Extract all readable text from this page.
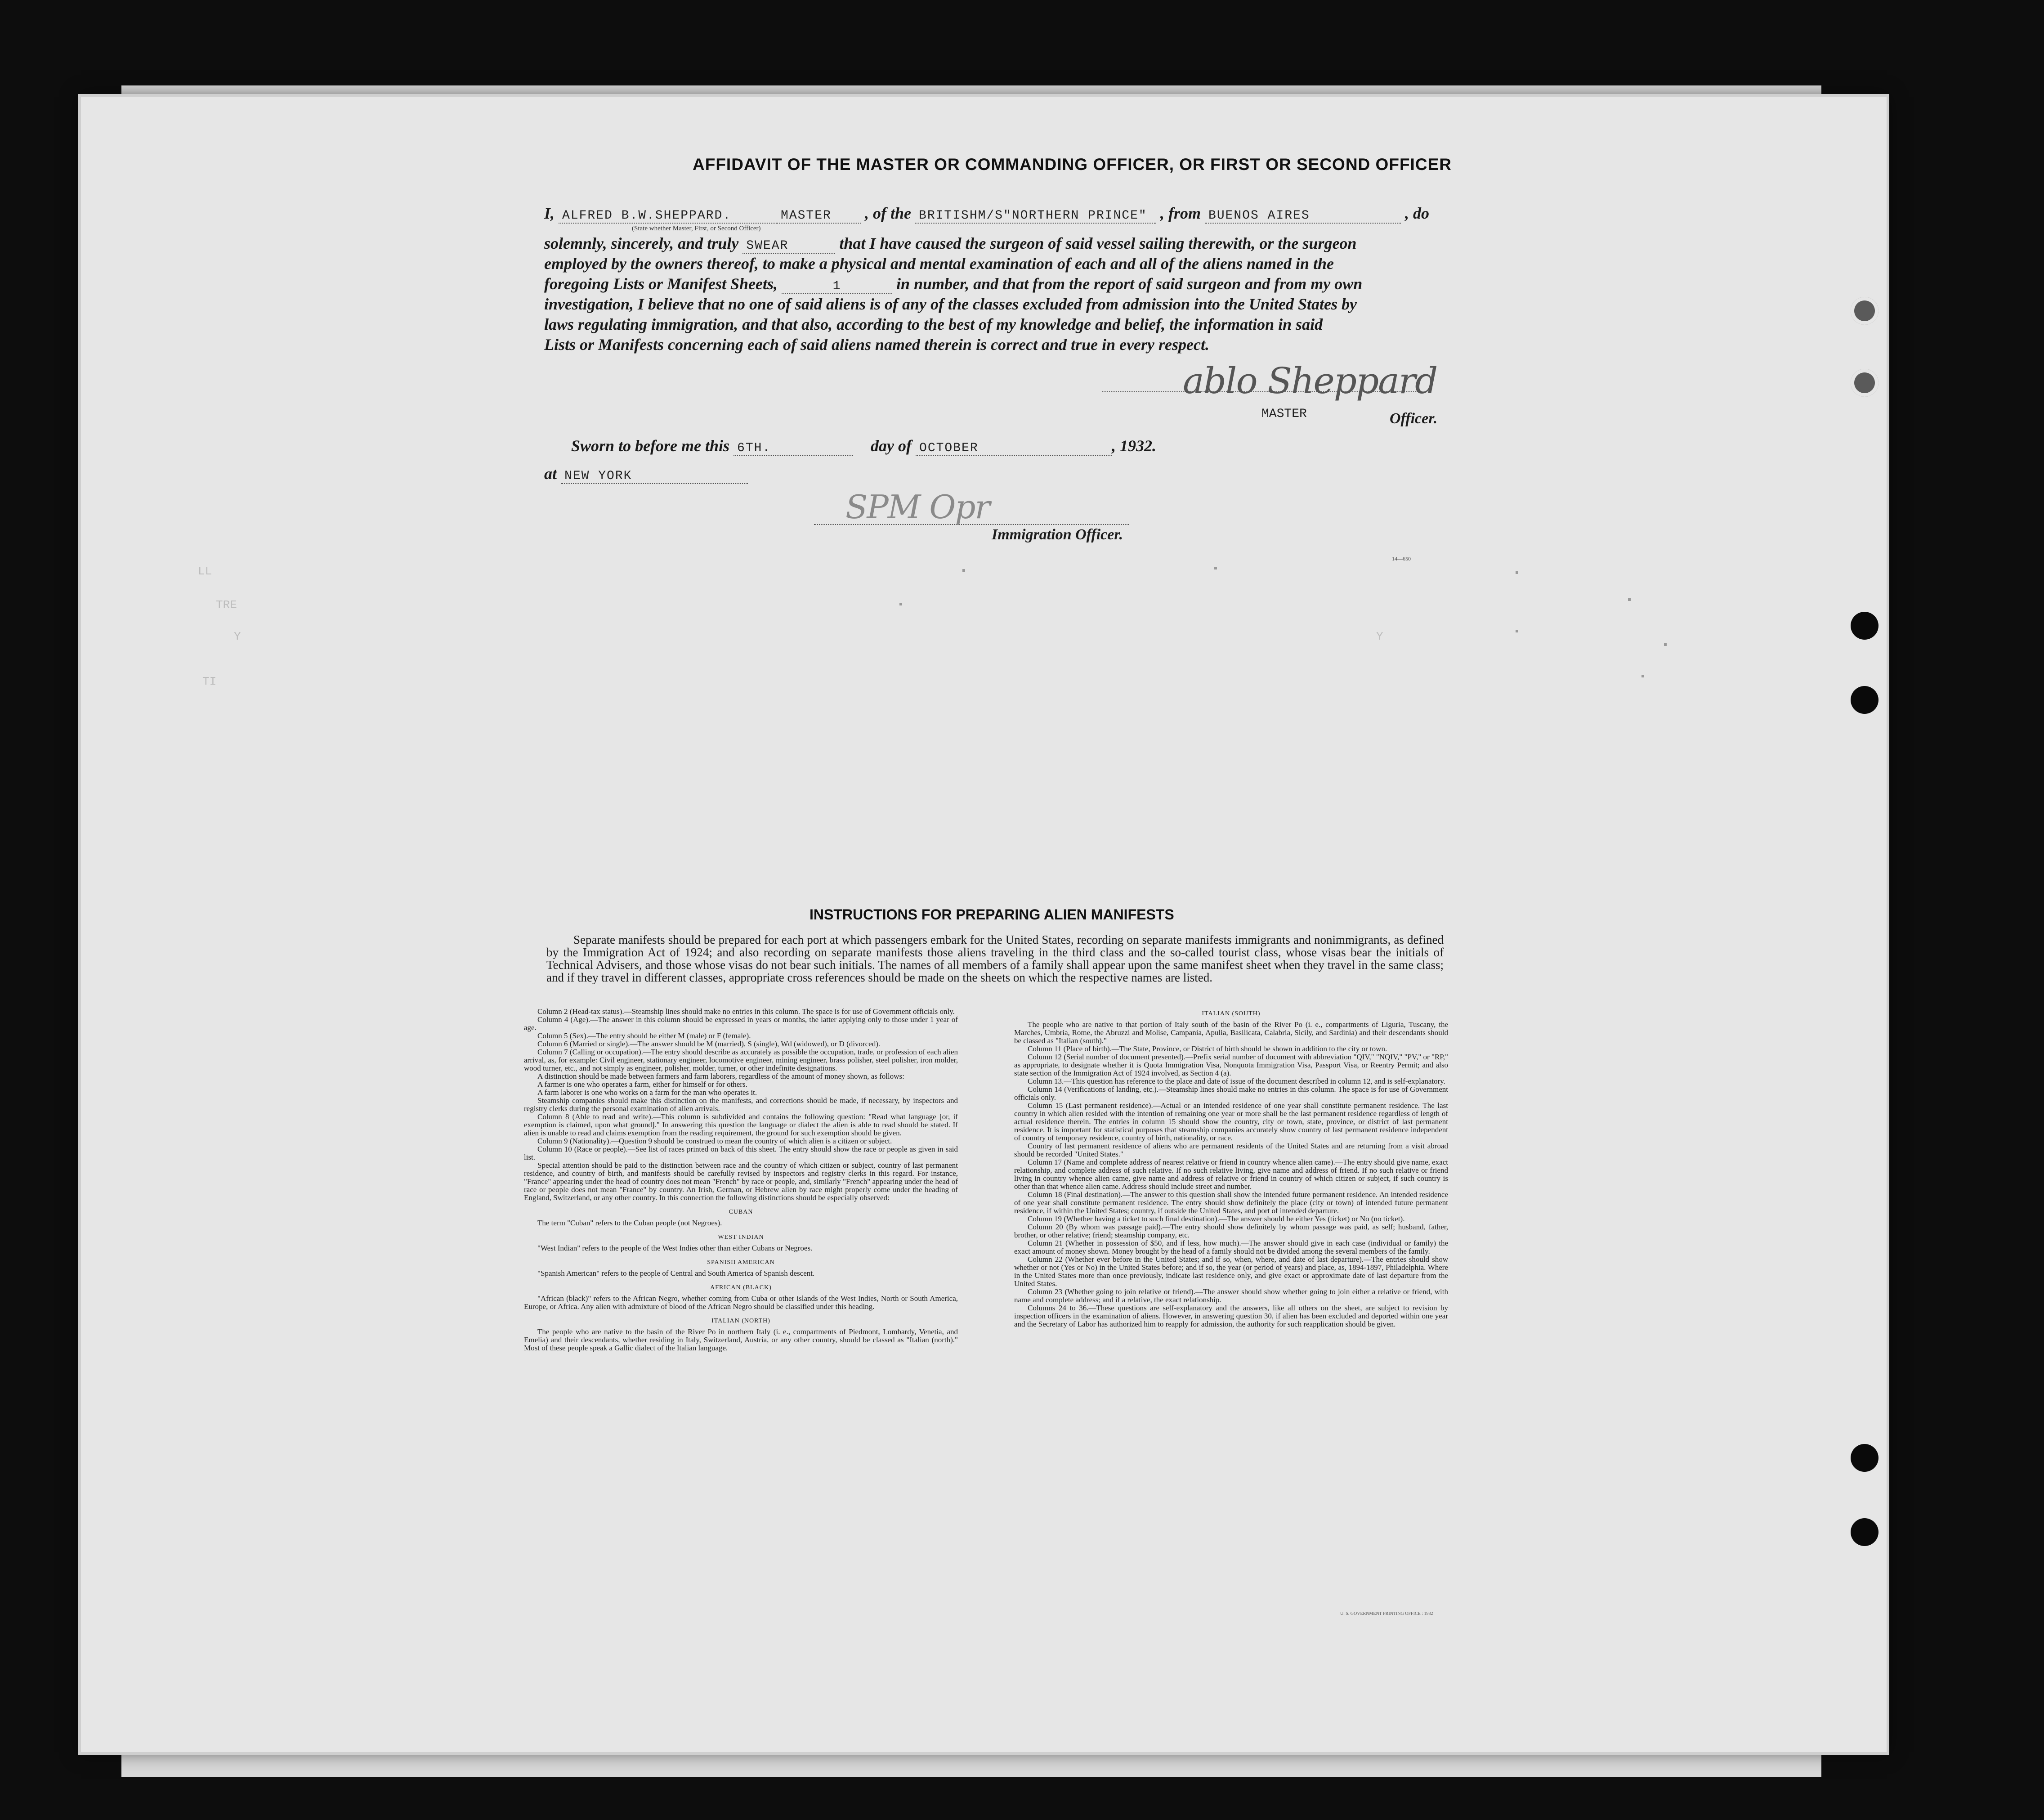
AFFIDAVIT OF THE MASTER OR COMMANDING OFFICER, OR FIRST OR SECOND OFFICER
I, ALFRED B.W.SHEPPARD.	MASTER , of the BRITISHM/S"NORTHERN PRINCE" , from BUENOS AIRES	, do
(State whether Master, First, or Second Officer)
solemnly, sincerely, and truly SWEAR	that I have caused the surgeon of said vessel sailing therewith, or the surgeon
employed by the owners thereof, to make a physical and mental examination of each and all of the aliens named in the
foregoing Lists or Manifest Sheets,	1	in number, and that from the report of said surgeon and from my own
investigation, I believe that no one of said aliens is of any of the classes excluded from admission into the United States by
laws regulating immigration, and that also, according to the best of my knowledge and belief, the information in said
Lists or Manifests concerning each of said aliens named therein is correct and true in every respect.
ablo Sheppard
MASTER	Officer.
Sworn to before me this 6TH.	day of OCTOBER	, 1932.
at NEW YORK
SPM Opr
Immigration Officer.
14—650
LL
TRE
Y	Y
TI
INSTRUCTIONS FOR PREPARING ALIEN MANIFESTS
Separate manifests should be prepared for each port at which passengers embark for the United States, recording on separate manifests immigrants and nonimmigrants, as defined by the Immigration Act of 1924; and also recording on separate manifests those aliens traveling in the third class and the so-called tourist class, whose visas bear the initials of Technical Advisers, and those whose visas do not bear such initials. The names of all members of a family shall appear upon the same manifest sheet when they travel in the same class; and if they travel in different classes, appropriate cross references should be made on the sheets on which the respective names are listed.

Column 2 (Head-tax status).—Steamship lines should make no entries in this column. The space is for use of Government officials only.

Column 4 (Age).—The answer in this column should be expressed in years or months, the latter applying only to those under 1 year of age.

Column 5 (Sex).—The entry should be either M (male) or F (female).

Column 6 (Married or single).—The answer should be M (married), S (single), Wd (widowed), or D (divorced).

Column 7 (Calling or occupation).—The entry should describe as accurately as possible the occupation, trade, or profession of each alien arrival, as, for example: Civil engineer, stationary engineer, locomotive engineer, mining engineer, brass polisher, steel polisher, iron molder, wood turner, etc., and not simply as engineer, polisher, molder, turner, or other indefinite designations.

A distinction should be made between farmers and farm laborers, regardless of the amount of money shown, as follows:

A farmer is one who operates a farm, either for himself or for others.

A farm laborer is one who works on a farm for the man who operates it.

Steamship companies should make this distinction on the manifests, and corrections should be made, if necessary, by inspectors and registry clerks during the personal examination of alien arrivals.

Column 8 (Able to read and write).—This column is subdivided and contains the following question: "Read what language [or, if exemption is claimed, upon what ground]." In answering this question the language or dialect the alien is able to read should be stated. If alien is unable to read and claims exemption from the reading requirement, the ground for such exemption should be given.

Column 9 (Nationality).—Question 9 should be construed to mean the country of which alien is a citizen or subject.

Column 10 (Race or people).—See list of races printed on back of this sheet. The entry should show the race or people as given in said list.

Special attention should be paid to the distinction between race and the country of which citizen or subject, country of last permanent residence, and country of birth, and manifests should be carefully revised by inspectors and registry clerks in this regard. For instance, "France" appearing under the head of country does not mean "French" by race or people, and, similarly "French" appearing under the head of race or people does not mean "France" by country. An Irish, German, or Hebrew alien by race might properly come under the heading of England, Switzerland, or any other country. In this connection the following distinctions should be especially observed:

CUBAN

The term "Cuban" refers to the Cuban people (not Negroes).

WEST INDIAN

"West Indian" refers to the people of the West Indies other than either Cubans or Negroes.

SPANISH AMERICAN

"Spanish American" refers to the people of Central and South America of Spanish descent.

AFRICAN (BLACK)

"African (black)" refers to the African Negro, whether coming from Cuba or other islands of the West Indies, North or South America, Europe, or Africa. Any alien with admixture of blood of the African Negro should be classified under this heading.

ITALIAN (NORTH)

The people who are native to the basin of the River Po in northern Italy (i. e., compartments of Piedmont, Lombardy, Venetia, and Emelia) and their descendants, whether residing in Italy, Switzerland, Austria, or any other country, should be classed as "Italian (north)." Most of these people speak a Gallic dialect of the Italian language.

ITALIAN (SOUTH)

The people who are native to that portion of Italy south of the basin of the River Po (i. e., compartments of Liguria, Tuscany, the Marches, Umbria, Rome, the Abruzzi and Molise, Campania, Apulia, Basilicata, Calabria, Sicily, and Sardinia) and their descendants should be classed as "Italian (south)."

Column 11 (Place of birth).—The State, Province, or District of birth should be shown in addition to the city or town.

Column 12 (Serial number of document presented).—Prefix serial number of document with abbreviation "QIV," "NQIV," "PV," or "RP," as appropriate, to designate whether it is Quota Immigration Visa, Nonquota Immigration Visa, Passport Visa, or Reentry Permit; and also state section of the Immigration Act of 1924 involved, as Section 4 (a).

Column 13.—This question has reference to the place and date of issue of the document described in column 12, and is self-explanatory.

Column 14 (Verifications of landing, etc.).—Steamship lines should make no entries in this column. The space is for use of Government officials only.

Column 15 (Last permanent residence).—Actual or an intended residence of one year shall constitute permanent residence. The last country in which alien resided with the intention of remaining one year or more shall be the last permanent residence regardless of length of actual residence therein. The entries in column 15 should show the country, city or town, state, province, or district of last permanent residence. It is important for statistical purposes that steamship companies accurately show country of last permanent residence independent of country of temporary residence, country of birth, nationality, or race.

Country of last permanent residence of aliens who are permanent residents of the United States and are returning from a visit abroad should be recorded "United States."

Column 17 (Name and complete address of nearest relative or friend in country whence alien came).—The entry should give name, exact relationship, and complete address of such relative. If no such relative living, give name and address of friend. If no such relative or friend living in country whence alien came, give name and address of relative or friend in country of which citizen or subject, if such country is other than that whence alien came. Address should include street and number.

Column 18 (Final destination).—The answer to this question shall show the intended future permanent residence. An intended residence of one year shall constitute permanent residence. The entry should show definitely the place (city or town) of intended future permanent residence, if within the United States; country, if outside the United States, and port of intended departure.

Column 19 (Whether having a ticket to such final destination).—The answer should be either Yes (ticket) or No (no ticket).

Column 20 (By whom was passage paid).—The entry should show definitely by whom passage was paid, as self; husband, father, brother, or other relative; friend; steamship company, etc.

Column 21 (Whether in possession of $50, and if less, how much).—The answer should give in each case (individual or family) the exact amount of money shown. Money brought by the head of a family should not be divided among the several members of the family.

Column 22 (Whether ever before in the United States; and if so, when, where, and date of last departure).—The entries should show whether or not (Yes or No) in the United States before; and if so, the year (or period of years) and place, as, 1894-1897, Philadelphia. Where in the United States more than once previously, indicate last residence only, and give exact or approximate date of last departure from the United States.

Column 23 (Whether going to join relative or friend).—The answer should show whether going to join either a relative or friend, with name and complete address; and if a relative, the exact relationship.

Columns 24 to 36.—These questions are self-explanatory and the answers, like all others on the sheet, are subject to revision by inspection officers in the examination of aliens. However, in answering question 30, if alien has been excluded and deported within one year and the Secretary of Labor has authorized him to reapply for admission, the authority for such reapplication should be given.

U. S. GOVERNMENT PRINTING OFFICE : 1932
